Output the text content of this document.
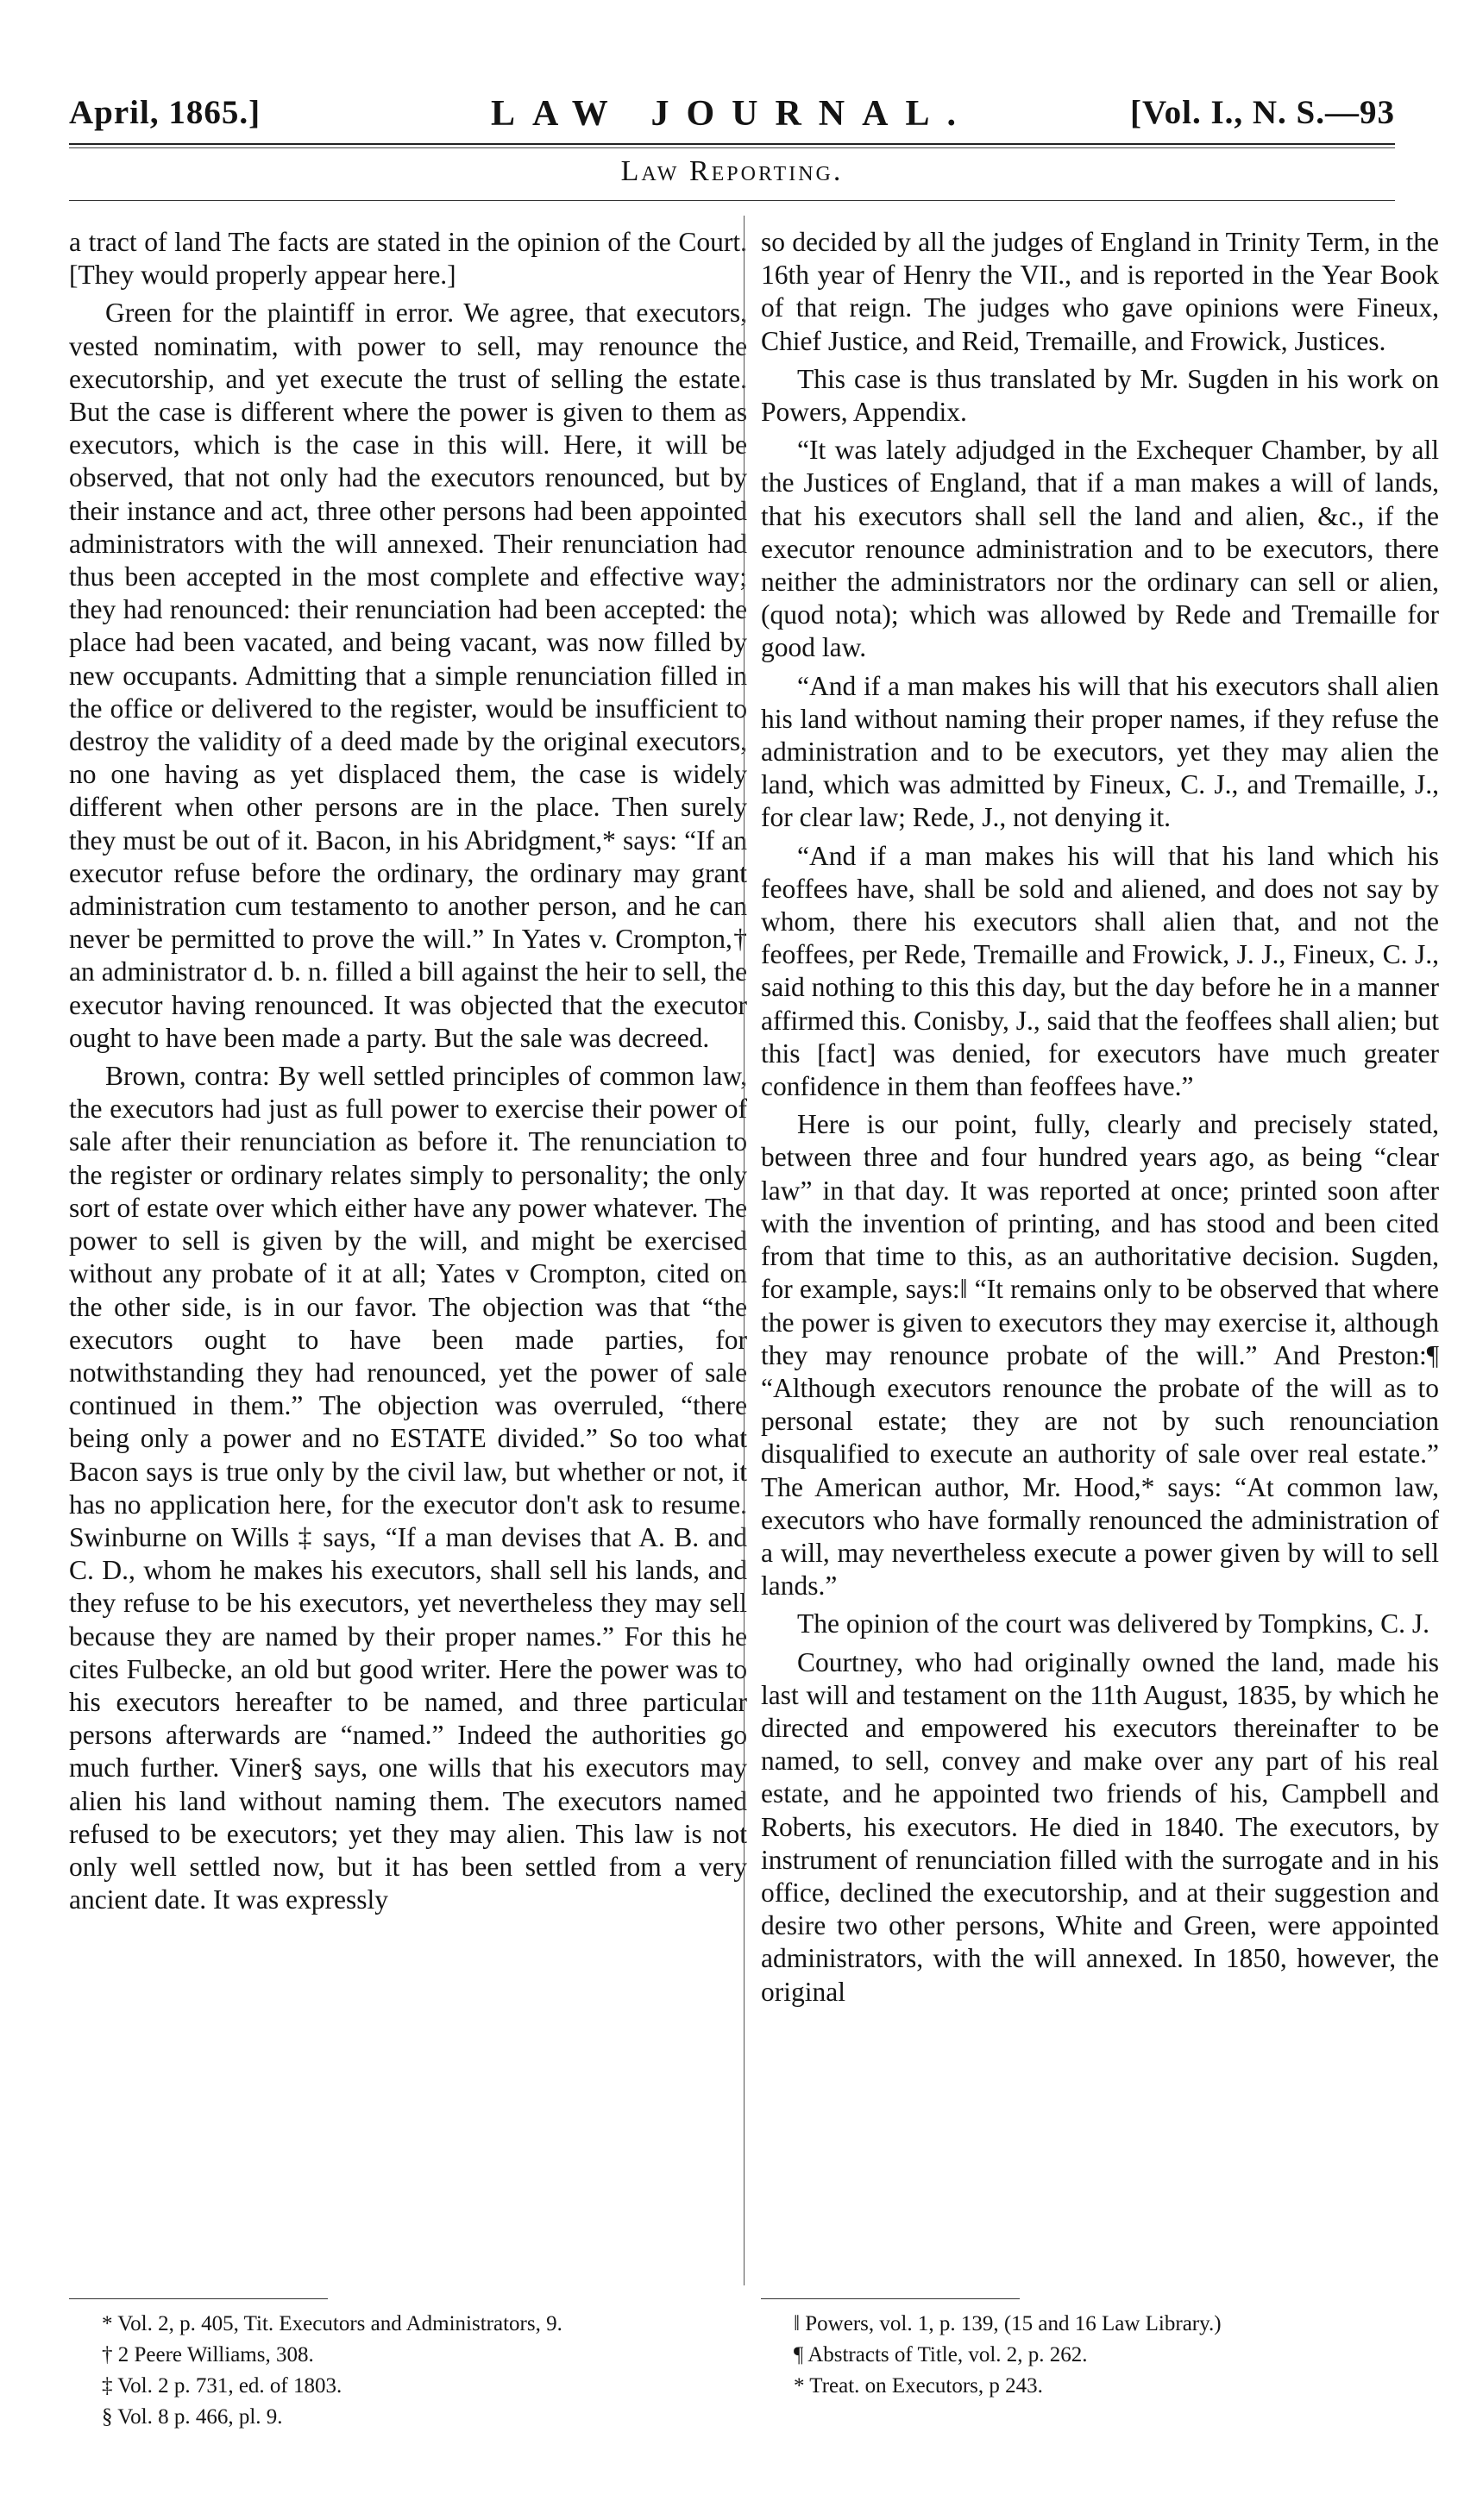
April, 1865.]	LAW JOURNAL.	[Vol. I., N. S.—93
Law Reporting.

a tract of land The facts are stated in the opinion of the Court. [They would properly appear here.]

Green for the plaintiff in error. We agree, that executors, vested nominatim, with power to sell, may renounce the executorship, and yet execute the trust of selling the estate. But the case is different where the power is given to them as executors, which is the case in this will. Here, it will be observed, that not only had the executors renounced, but by their instance and act, three other persons had been appointed administrators with the will annexed. Their renunciation had thus been accepted in the most complete and effective way; they had renounced: their renunciation had been accepted: the place had been vacated, and being vacant, was now filled by new occupants. Admitting that a simple renunciation filled in the office or delivered to the register, would be insufficient to destroy the validity of a deed made by the original executors, no one having as yet displaced them, the case is widely different when other persons are in the place. Then surely they must be out of it. Bacon, in his Abridgment,* says: “If an executor refuse before the ordinary, the ordinary may grant administration cum testamento to another person, and he can never be permitted to prove the will.” In Yates v. Crompton,† an administrator d. b. n. filled a bill against the heir to sell, the executor having renounced. It was objected that the executor ought to have been made a party. But the sale was decreed.

Brown, contra: By well settled principles of common law, the executors had just as full power to exercise their power of sale after their renunciation as before it. The renunciation to the register or ordinary relates simply to personality; the only sort of estate over which either have any power whatever. The power to sell is given by the will, and might be exercised without any probate of it at all; Yates v Crompton, cited on the other side, is in our favor. The objection was that “the executors ought to have been made parties, for notwithstanding they had renounced, yet the power of sale continued in them.” The objection was overruled, “there being only a power and no ESTATE divided.” So too what Bacon says is true only by the civil law, but whether or not, it has no application here, for the executor don't ask to resume. Swinburne on Wills ‡ says, “If a man devises that A. B. and C. D., whom he makes his executors, shall sell his lands, and they refuse to be his executors, yet nevertheless they may sell because they are named by their proper names.” For this he cites Fulbecke, an old but good writer. Here the power was to his executors hereafter to be named, and three particular persons afterwards are “named.” Indeed the authorities go much further. Viner§ says, one wills that his executors may alien his land without naming them. The executors named refused to be executors; yet they may alien. This law is not only well settled now, but it has been settled from a very ancient date. It was expressly

so decided by all the judges of England in Trinity Term, in the 16th year of Henry the VII., and is reported in the Year Book of that reign. The judges who gave opinions were Fineux, Chief Justice, and Reid, Tremaille, and Frowick, Justices.

This case is thus translated by Mr. Sugden in his work on Powers, Appendix.

“It was lately adjudged in the Exchequer Chamber, by all the Justices of England, that if a man makes a will of lands, that his executors shall sell the land and alien, &c., if the executor renounce administration and to be executors, there neither the administrators nor the ordinary can sell or alien, (quod nota); which was allowed by Rede and Tremaille for good law.

“And if a man makes his will that his executors shall alien his land without naming their proper names, if they refuse the administration and to be executors, yet they may alien the land, which was admitted by Fineux, C. J., and Tremaille, J., for clear law; Rede, J., not denying it.

“And if a man makes his will that his land which his feoffees have, shall be sold and aliened, and does not say by whom, there his executors shall alien that, and not the feoffees, per Rede, Tremaille and Frowick, J. J., Fineux, C. J., said nothing to this this day, but the day before he in a manner affirmed this. Conisby, J., said that the feoffees shall alien; but this [fact] was denied, for executors have much greater confidence in them than feoffees have.”

Here is our point, fully, clearly and precisely stated, between three and four hundred years ago, as being “clear law” in that day. It was reported at once; printed soon after with the invention of printing, and has stood and been cited from that time to this, as an authoritative decision. Sugden, for example, says:‖ “It remains only to be observed that where the power is given to executors they may exercise it, although they may renounce probate of the will.” And Preston:¶ “Although executors renounce the probate of the will as to personal estate; they are not by such renounciation disqualified to execute an authority of sale over real estate.” The American author, Mr. Hood,* says: “At common law, executors who have formally renounced the administration of a will, may nevertheless execute a power given by will to sell lands.”

The opinion of the court was delivered by Tompkins, C. J.

Courtney, who had originally owned the land, made his last will and testament on the 11th August, 1835, by which he directed and empowered his executors thereinafter to be named, to sell, convey and make over any part of his real estate, and he appointed two friends of his, Campbell and Roberts, his executors. He died in 1840. The executors, by instrument of renunciation filled with the surrogate and in his office, declined the executorship, and at their suggestion and desire two other persons, White and Green, were appointed administrators, with the will annexed. In 1850, however, the original

* Vol. 2, p. 405, Tit. Executors and Administrators, 9.

† 2 Peere Williams, 308.

‡ Vol. 2 p. 731, ed. of 1803.

§ Vol. 8 p. 466, pl. 9.

‖ Powers, vol. 1, p. 139, (15 and 16 Law Library.)

¶ Abstracts of Title, vol. 2, p. 262.

* Treat. on Executors, p 243.
